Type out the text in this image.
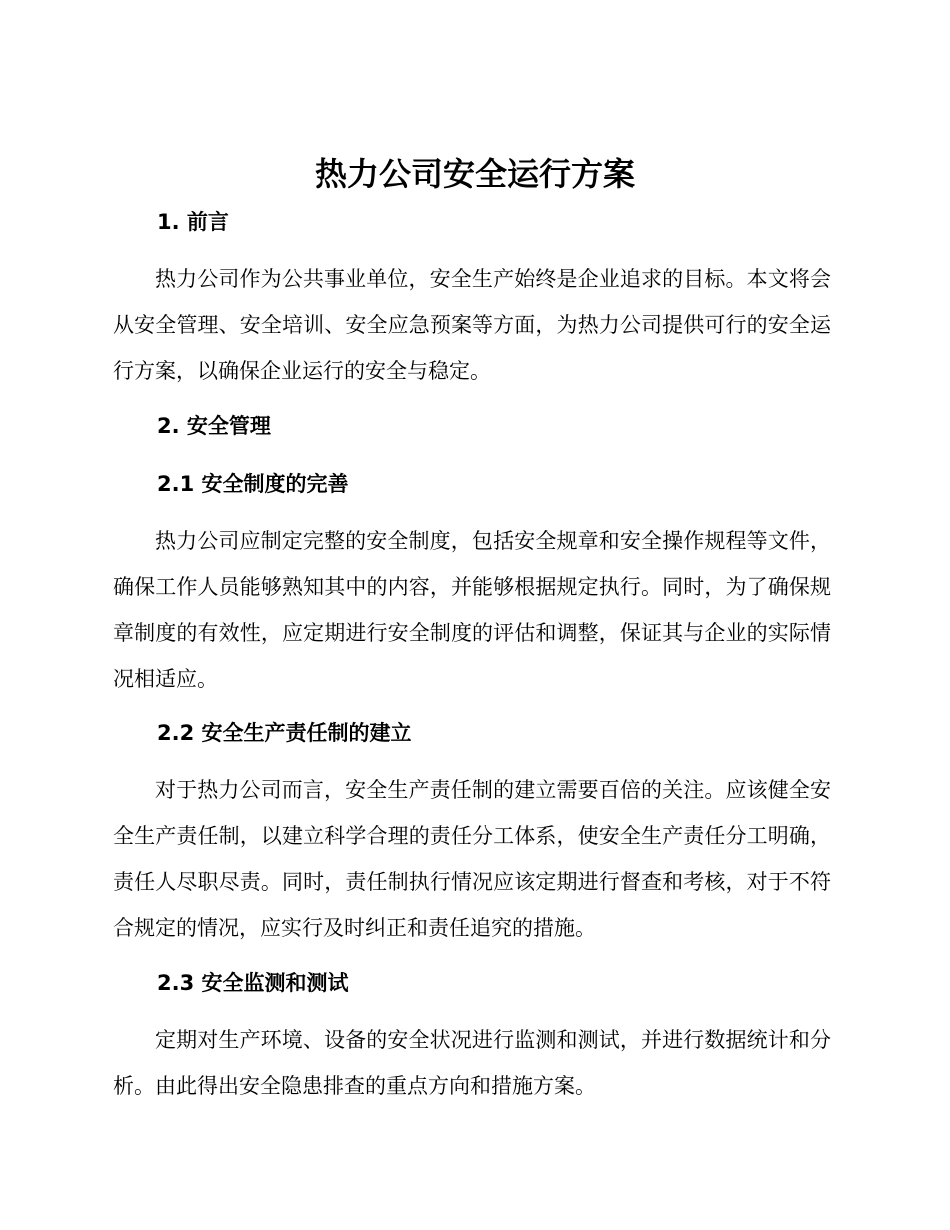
热力公司安全运行方案
1. 前言

热力公司作为公共事业单位，安全生产始终是企业追求的目标。本文将会从安全管理、安全培训、安全应急预案等方面，为热力公司提供可行的安全运行方案，以确保企业运行的安全与稳定。

2. 安全管理
2.1 安全制度的完善

热力公司应制定完整的安全制度，包括安全规章和安全操作规程等文件，确保工作人员能够熟知其中的内容，并能够根据规定执行。同时，为了确保规章制度的有效性，应定期进行安全制度的评估和调整，保证其与企业的实际情况相适应。

2.2 安全生产责任制的建立

对于热力公司而言，安全生产责任制的建立需要百倍的关注。应该健全安全生产责任制，以建立科学合理的责任分工体系，使安全生产责任分工明确，责任人尽职尽责。同时，责任制执行情况应该定期进行督查和考核，对于不符合规定的情况，应实行及时纠正和责任追究的措施。

2.3 安全监测和测试

定期对生产环境、设备的安全状况进行监测和测试，并进行数据统计和分析。由此得出安全隐患排查的重点方向和措施方案。
